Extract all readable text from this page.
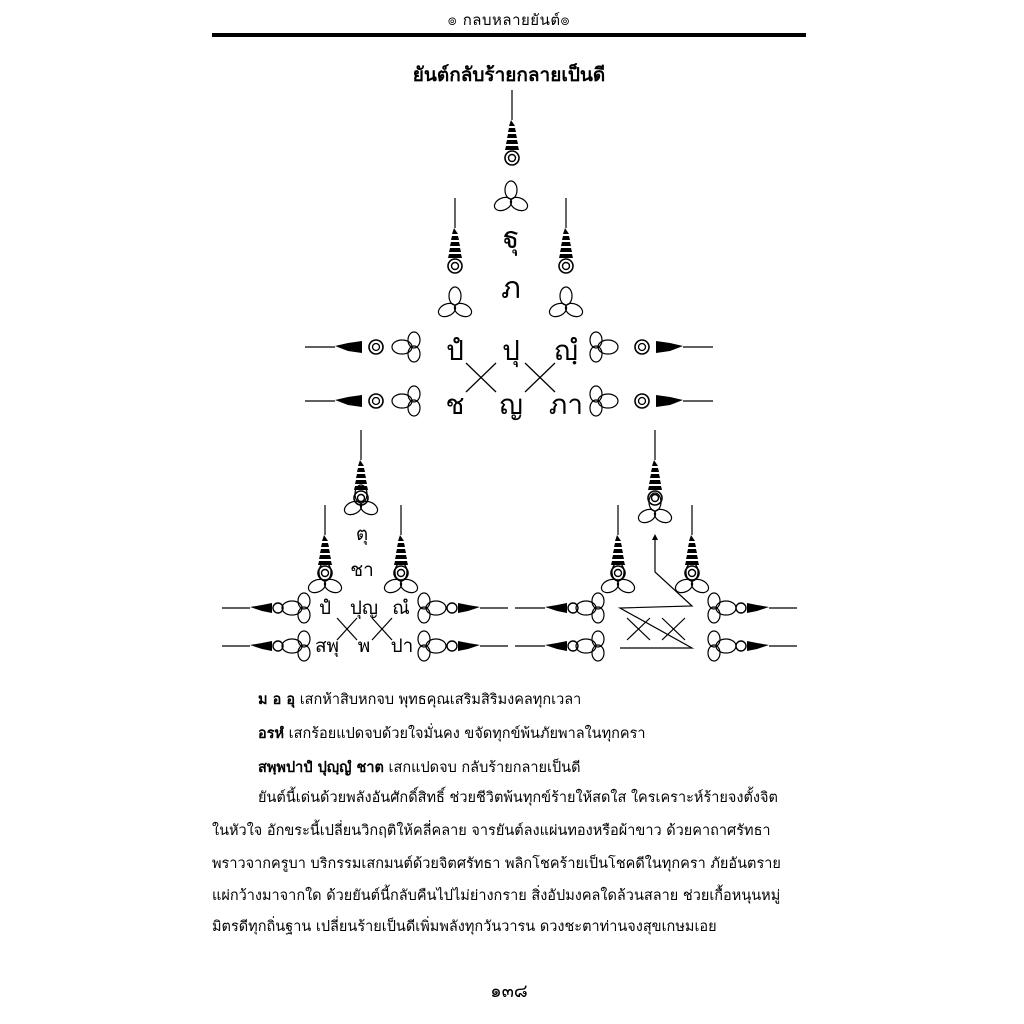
๏ กลบหลายยันต์๏
ยันต์กลับร้ายกลายเป็นดี
ฐุ
ภ
ปํ ปุ ญฺํ
ช ญ ภา
ตุ
ชา
ปํ ปุญ ณํ
สพุ พ ปา
ม อ อุ เสกห้าสิบหกจบ พุทธคุณเสริมสิริมงคลทุกเวลา
อรหํ เสกร้อยแปดจบด้วยใจมั่นคง ขจัดทุกข์พ้นภัยพาลในทุกครา
สพฺพปาปํ ปุญฺญํ ชาต เสกแปดจบ กลับร้ายกลายเป็นดี
ยันต์นี้เด่นด้วยพลังอันศักดิ์สิทธิ์ ช่วยชีวิตพ้นทุกข์ร้ายให้สดใส ใครเคราะห์ร้ายจงตั้งจิต
ในหัวใจ อักขระนี้เปลี่ยนวิกฤติให้คลี่คลาย จารยันต์ลงแผ่นทองหรือผ้าขาว ด้วยคาถาศรัทธา
พราวจากครูบา บริกรรมเสกมนต์ด้วยจิตศรัทธา พลิกโชคร้ายเป็นโชคดีในทุกครา ภัยอันตราย
แผ่กว้างมาจากใด ด้วยยันต์นี้กลับคืนไปไม่ย่างกราย สิ่งอัปมงคลใดล้วนสลาย ช่วยเกื้อหนุนหมู่
มิตรดีทุกถิ่นฐาน เปลี่ยนร้ายเป็นดีเพิ่มพลังทุกวันวารน ดวงชะตาท่านจงสุขเกษมเอย
๑๓๘
